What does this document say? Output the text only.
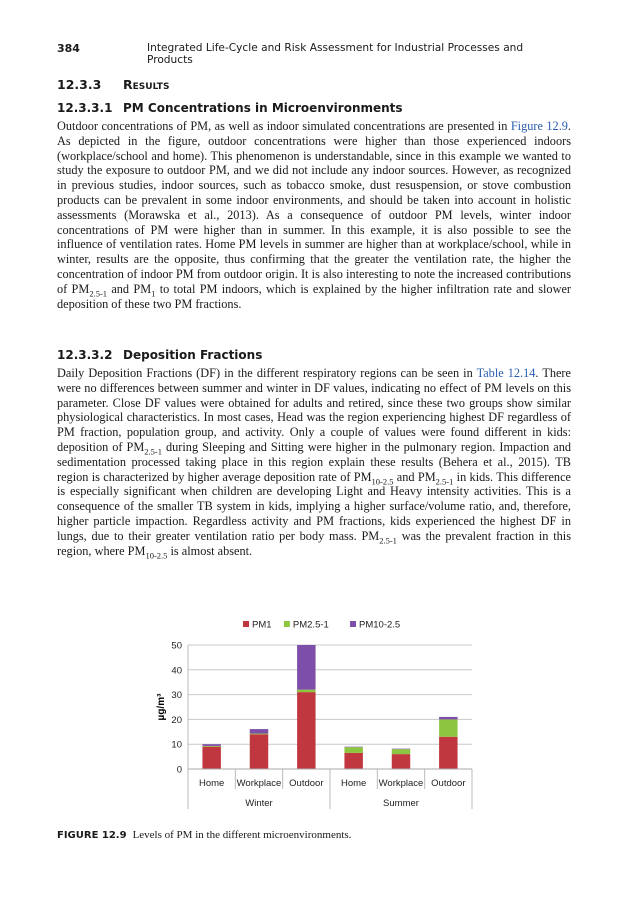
384	Integrated Life-Cycle and Risk Assessment for Industrial Processes and Products
12.3.3 Results
12.3.3.1 PM Concentrations in Microenvironments

Outdoor concentrations of PM, as well as indoor simulated concentrations are presented in Figure 12.9. As depicted in the figure, outdoor concentrations were higher than those experienced indoors (workplace/school and home). This phenomenon is understandable, since in this example we wanted to study the exposure to outdoor PM, and we did not include any indoor sources. However, as recognized in previous studies, indoor sources, such as tobacco smoke, dust resuspension, or stove combustion products can be prevalent in some indoor environments, and should be taken into account in holistic assessments (Morawska et al., 2013). As a consequence of outdoor PM levels, winter indoor concentrations of PM were higher than in summer. In this example, it is also possible to see the influence of ventilation rates. Home PM levels in summer are higher than at workplace/school, while in winter, results are the opposite, thus confirming that the greater the ventilation rate, the higher the concentration of indoor PM from outdoor origin. It is also interesting to note the increased contributions of $PM_{2.5-1}$ and $PM_1$ to total PM indoors, which is explained by the higher infiltration rate and slower deposition of these two PM fractions.

12.3.3.2 Deposition Fractions

Daily Deposition Fractions (DF) in the different respiratory regions can be seen in Table 12.14. There were no differences between summer and winter in DF values, indicating no effect of PM levels on this parameter. Close DF values were obtained for adults and retired, since these two groups show similar physiological characteristics. In most cases, Head was the region experiencing highest DF regardless of PM fraction, population group, and activity. Only a couple of values were found different in kids: deposition of $PM_{2.5-1}$ during Sleeping and Sitting were higher in the pulmonary region. Impaction and sedimentation processed taking place in this region explain these results (Behera et al., 2015). TB region is characterized by higher average deposition rate of $PM_{10-2.5}$ and $PM_{2.5-1}$ in kids. This difference is especially significant when children are developing Light and Heavy intensity activities. This is a consequence of the smaller TB system in kids, implying a higher surface/volume ratio, and, therefore, higher particle impaction. Regardless activity and PM fractions, kids experienced the highest DF in lungs, due to their greater ventilation ratio per body mass. $PM_{2.5-1}$ was the prevalent fraction in this region, where $PM_{10-2.5}$ is almost absent.

0
10
20
30
40
50
µg/m³
Home Workplace Outdoor Home Workplace Outdoor
Winter	Summer
PM1 PM2.5-1	PM10-2.5
FIGURE 12.9 Levels of PM in the different microenvironments.
